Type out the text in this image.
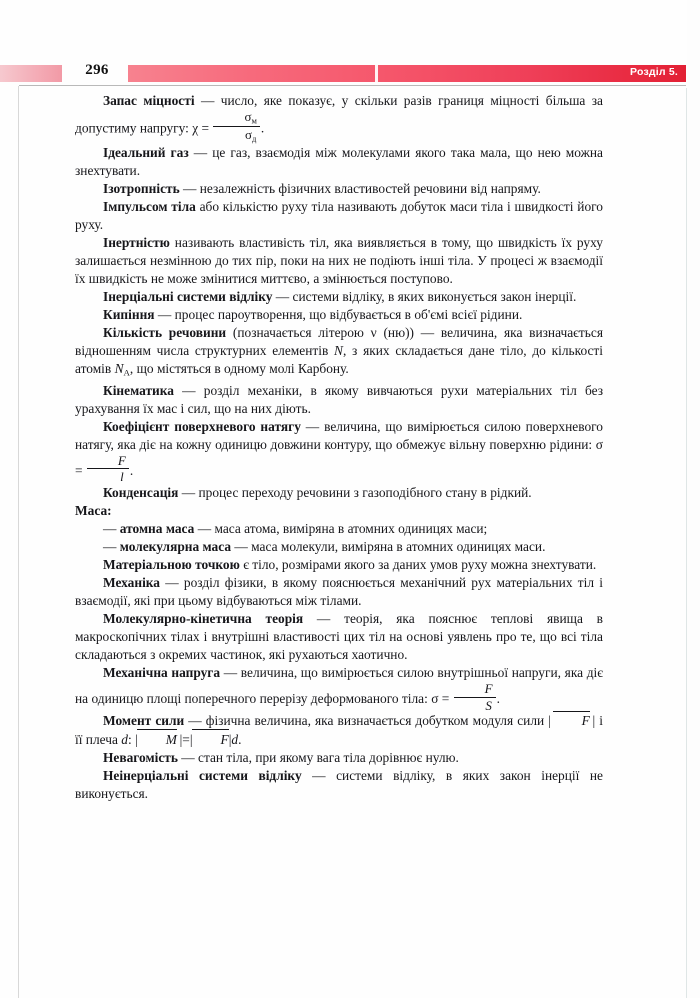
296	Розділ 5.

Запас міцності — число, яке показує, у скільки разів границя міцності більша за допустиму напругу: $\chi = \frac{\sigma_м}{\sigma_д}$ .

Ідеальний газ — це газ, взаємодія між молекулами якого така мала, що нею можна знехтувати.

Ізотропність — незалежність фізичних властивостей речовини від напряму.

Імпульсом тіла або кількістю руху тіла називають добуток маси тіла і швидкості його руху.

Інертністю називають властивість тіл, яка виявляється в тому, що швидкість їх руху залишається незмінною до тих пір, поки на них не подіють інші тіла. У процесі ж взаємодії їх швидкість не може змінитися миттєво, а змінюється поступово.

Інерціальні системи відліку — системи відліку, в яких виконується закон інерції.

Кипіння — процес пароутворення, що відбувається в об'ємі всієї рідини.

Кількість речовини (позначається літерою ν (ню)) — величина, яка визначається відношенням числа структурних елементів N, з яких складається дане тіло, до кількості атомів $N_А$, що містяться в одному молі Карбону.

Кінематика — розділ механіки, в якому вивчаються рухи матеріальних тіл без урахування їх мас і сил, що на них діють.

Коефіцієнт поверхневого натягу — величина, що вимірюється силою поверхневого натягу, яка діє на кожну одиницю довжини контуру, що обмежує вільну поверхню рідини: $\sigma = \frac{F}{l}$ .

Конденсація — процес переходу речовини з газоподібного стану в рідкий.

Маса:

— атомна маса — маса атома, виміряна в атомних одиницях маси;

— молекулярна маса — маса молекули, виміряна в атомних одиницях маси.

Матеріальною точкою є тіло, розмірами якого за даних умов руху можна знехтувати.

Механіка — розділ фізики, в якому пояснюється механічний рух матеріальних тіл і взаємодії, які при цьому відбуваються між тілами.

Молекулярно-кінетична теорія — теорія, яка пояснює теплові явища в макроскопічних тілах і внутрішні властивості цих тіл на основі уявлень про те, що всі тіла складаються з окремих частинок, які рухаються хаотично.

Механічна напруга — величина, що вимірюється силою внутрішньої напруги, яка діє на одиницю площі поперечного перерізу деформованого тіла: $\sigma = \frac{F}{S}$ .

Момент сили — фізична величина, яка визначається добутком модуля сили | F | і її плеча d: | M |=| F|d.

Невагомість — стан тіла, при якому вага тіла дорівнює нулю.

Неінерціальні системи відліку — системи відліку, в яких закон інерції не виконується.
